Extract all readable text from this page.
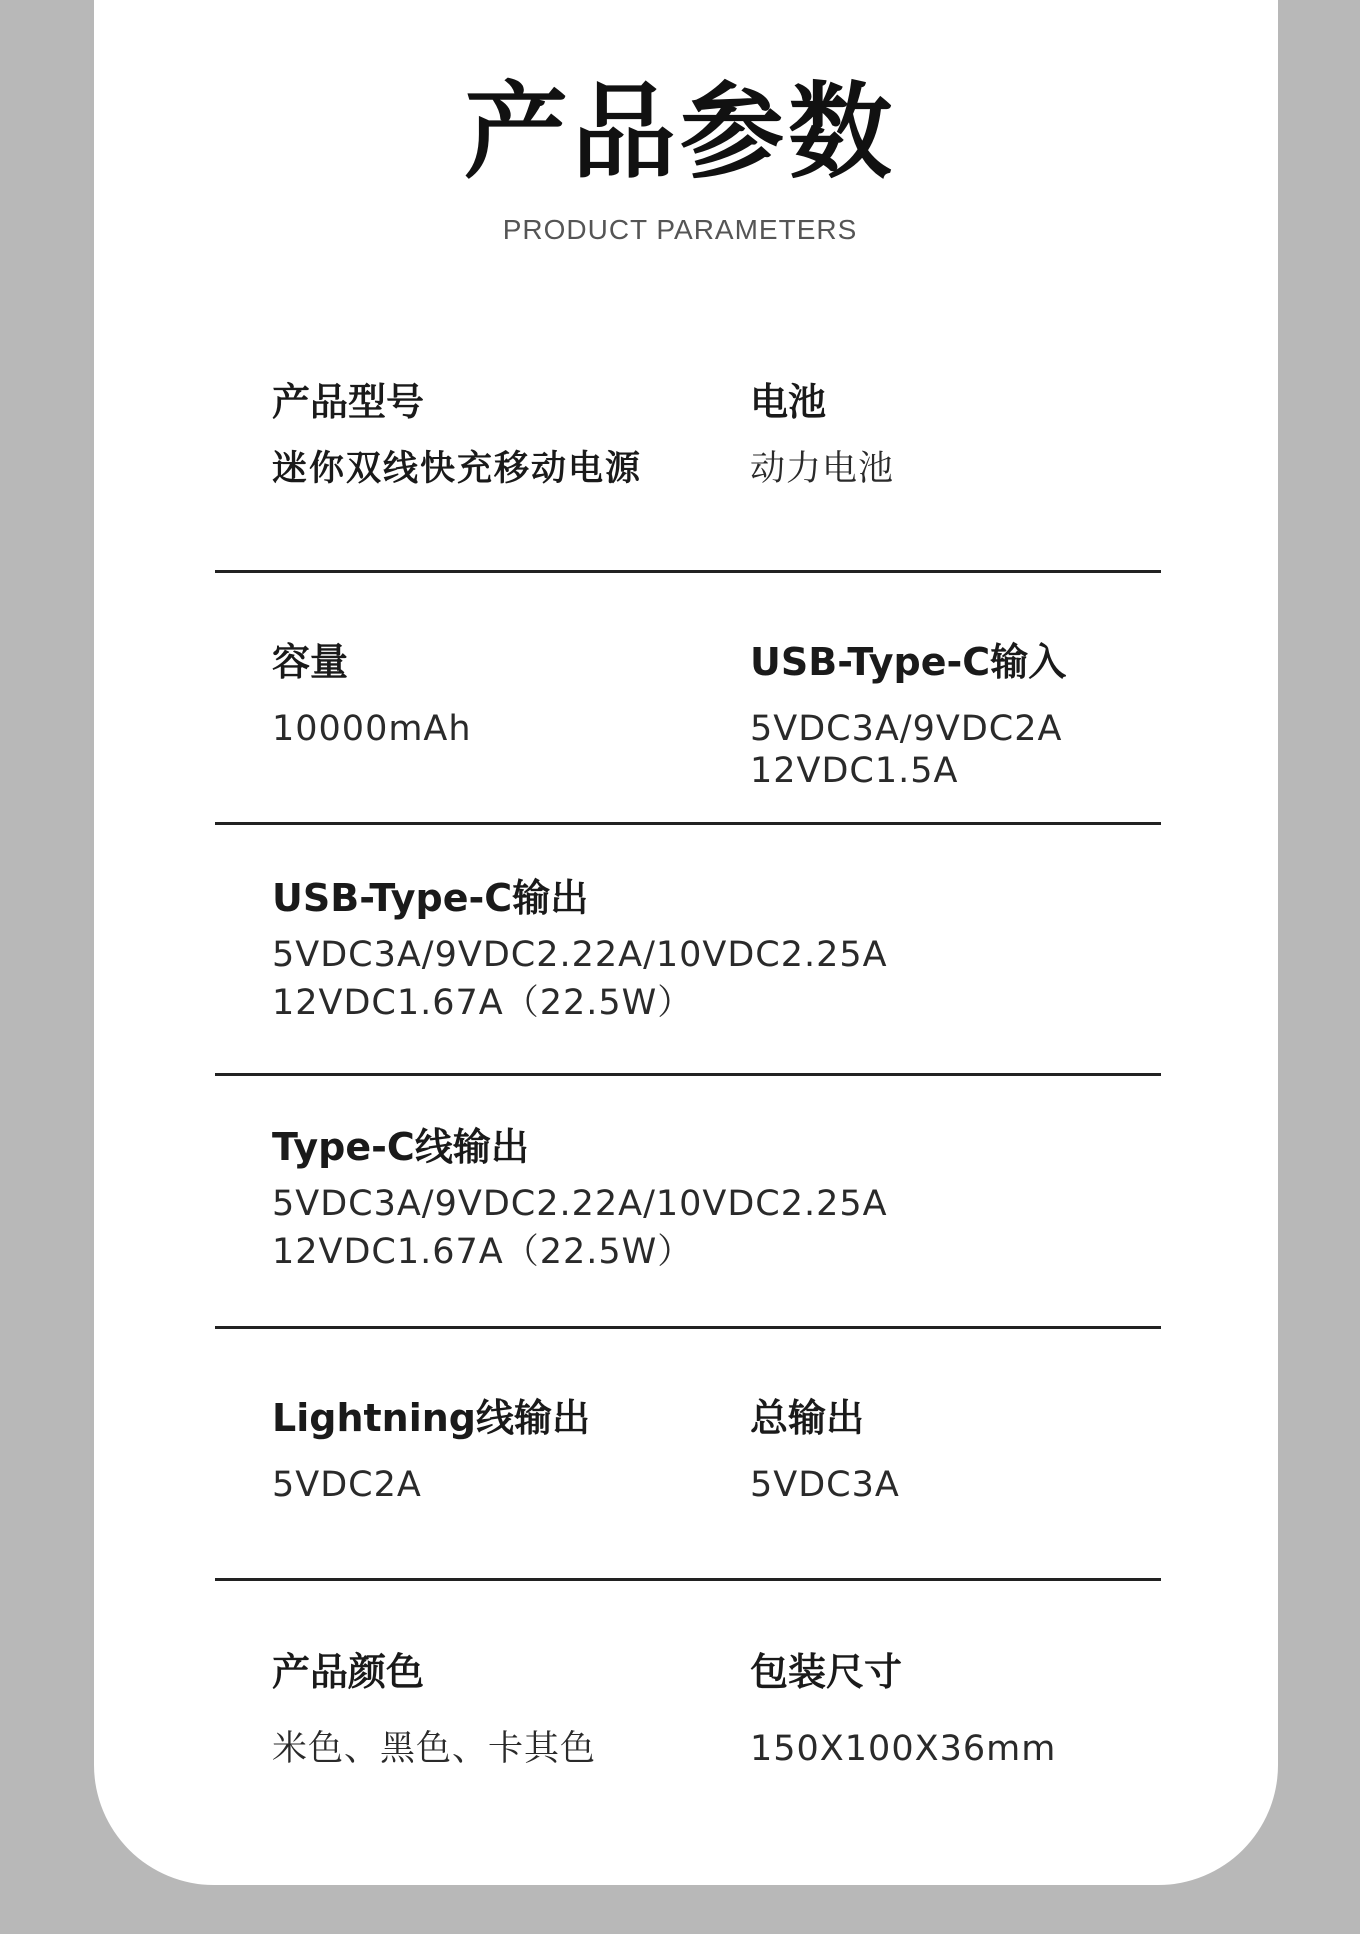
产品参数
PRODUCT PARAMETERS
产品型号
迷你双线快充移动电源
电池
动力电池
容量
10000mAh
USB-Type-C输入
5VDC3A/9VDC2A
12VDC1.5A
USB-Type-C输出
5VDC3A/9VDC2.22A/10VDC2.25A
12VDC1.67A（22.5W）
Type-C线输出
5VDC3A/9VDC2.22A/10VDC2.25A
12VDC1.67A（22.5W）
Lightning线输出
5VDC2A
总输出
5VDC3A
产品颜色
米色、黑色、卡其色
包装尺寸
150X100X36mm
